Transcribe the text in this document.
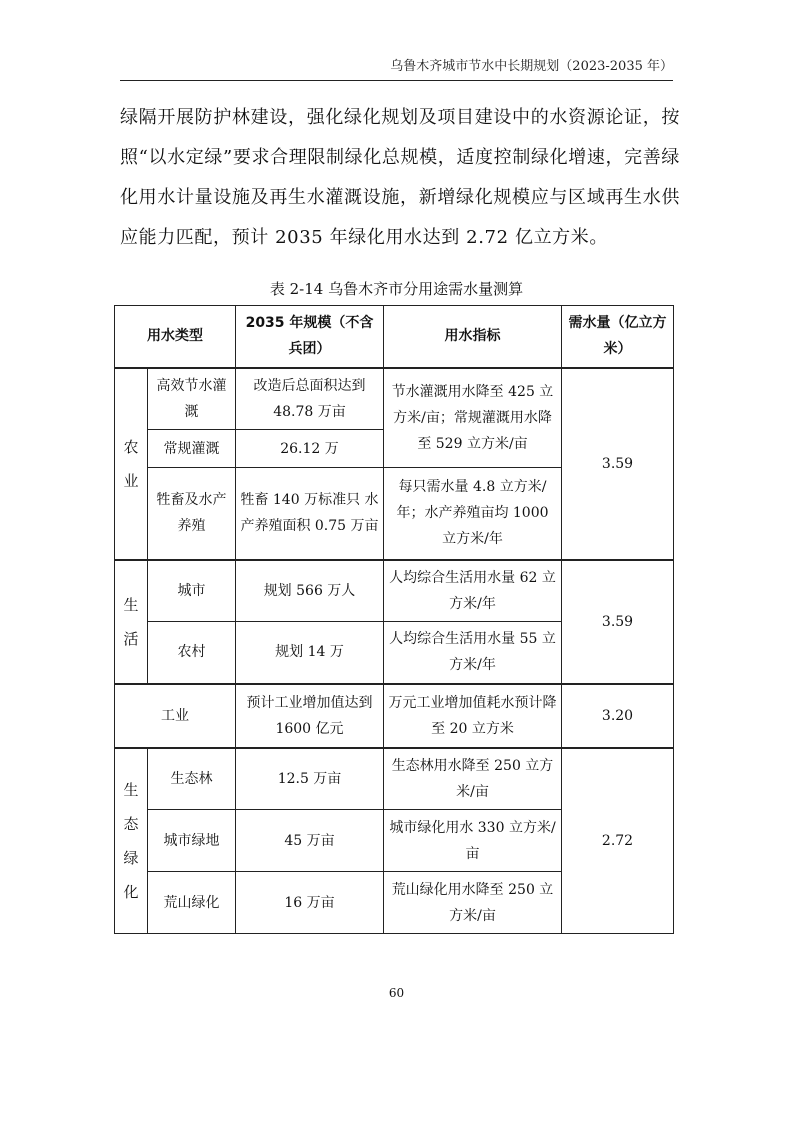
乌鲁木齐城市节水中长期规划（2023-2035 年）

绿隔开展防护林建设，强化绿化规划及项目建设中的水资源论证，按照“以水定绿”要求合理限制绿化总规模，适度控制绿化增速，完善绿化用水计量设施及再生水灌溉设施，新增绿化规模应与区域再生水供应能力匹配，预计 2035 年绿化用水达到 2.72 亿立方米。

表 2-14 乌鲁木齐市分用途需水量测算
用水类型		2035 年规模（不含兵团）	用水指标	需水量（亿立方米）

农业	高效节水灌溉	改造后总面积达到 48.78 万亩	节水灌溉用水降至 425 立方米/亩；常规灌溉用水降至 529 立方米/亩	3.59
	常规灌溉	26.12 万		
	牲畜及水产养殖	牲畜 140 万标准只 水产养殖面积 0.75 万亩	每只需水量 4.8 立方米/年；水产养殖亩均 1000 立方米/年	

生活	城市	规划 566 万人	人均综合生活用水量 62 立方米/年	3.59
	农村	规划 14 万	人均综合生活用水量 55 立方米/年	
工业		预计工业增加值达到 1600 亿元	万元工业增加值耗水预计降至 20 立方米	3.20

生态绿化	生态林	12.5 万亩	生态林用水降至 250 立方米/亩	2.72
	城市绿地	45 万亩	城市绿化用水 330 立方米/亩	
	荒山绿化	16 万亩	荒山绿化用水降至 250 立方米/亩	
60
